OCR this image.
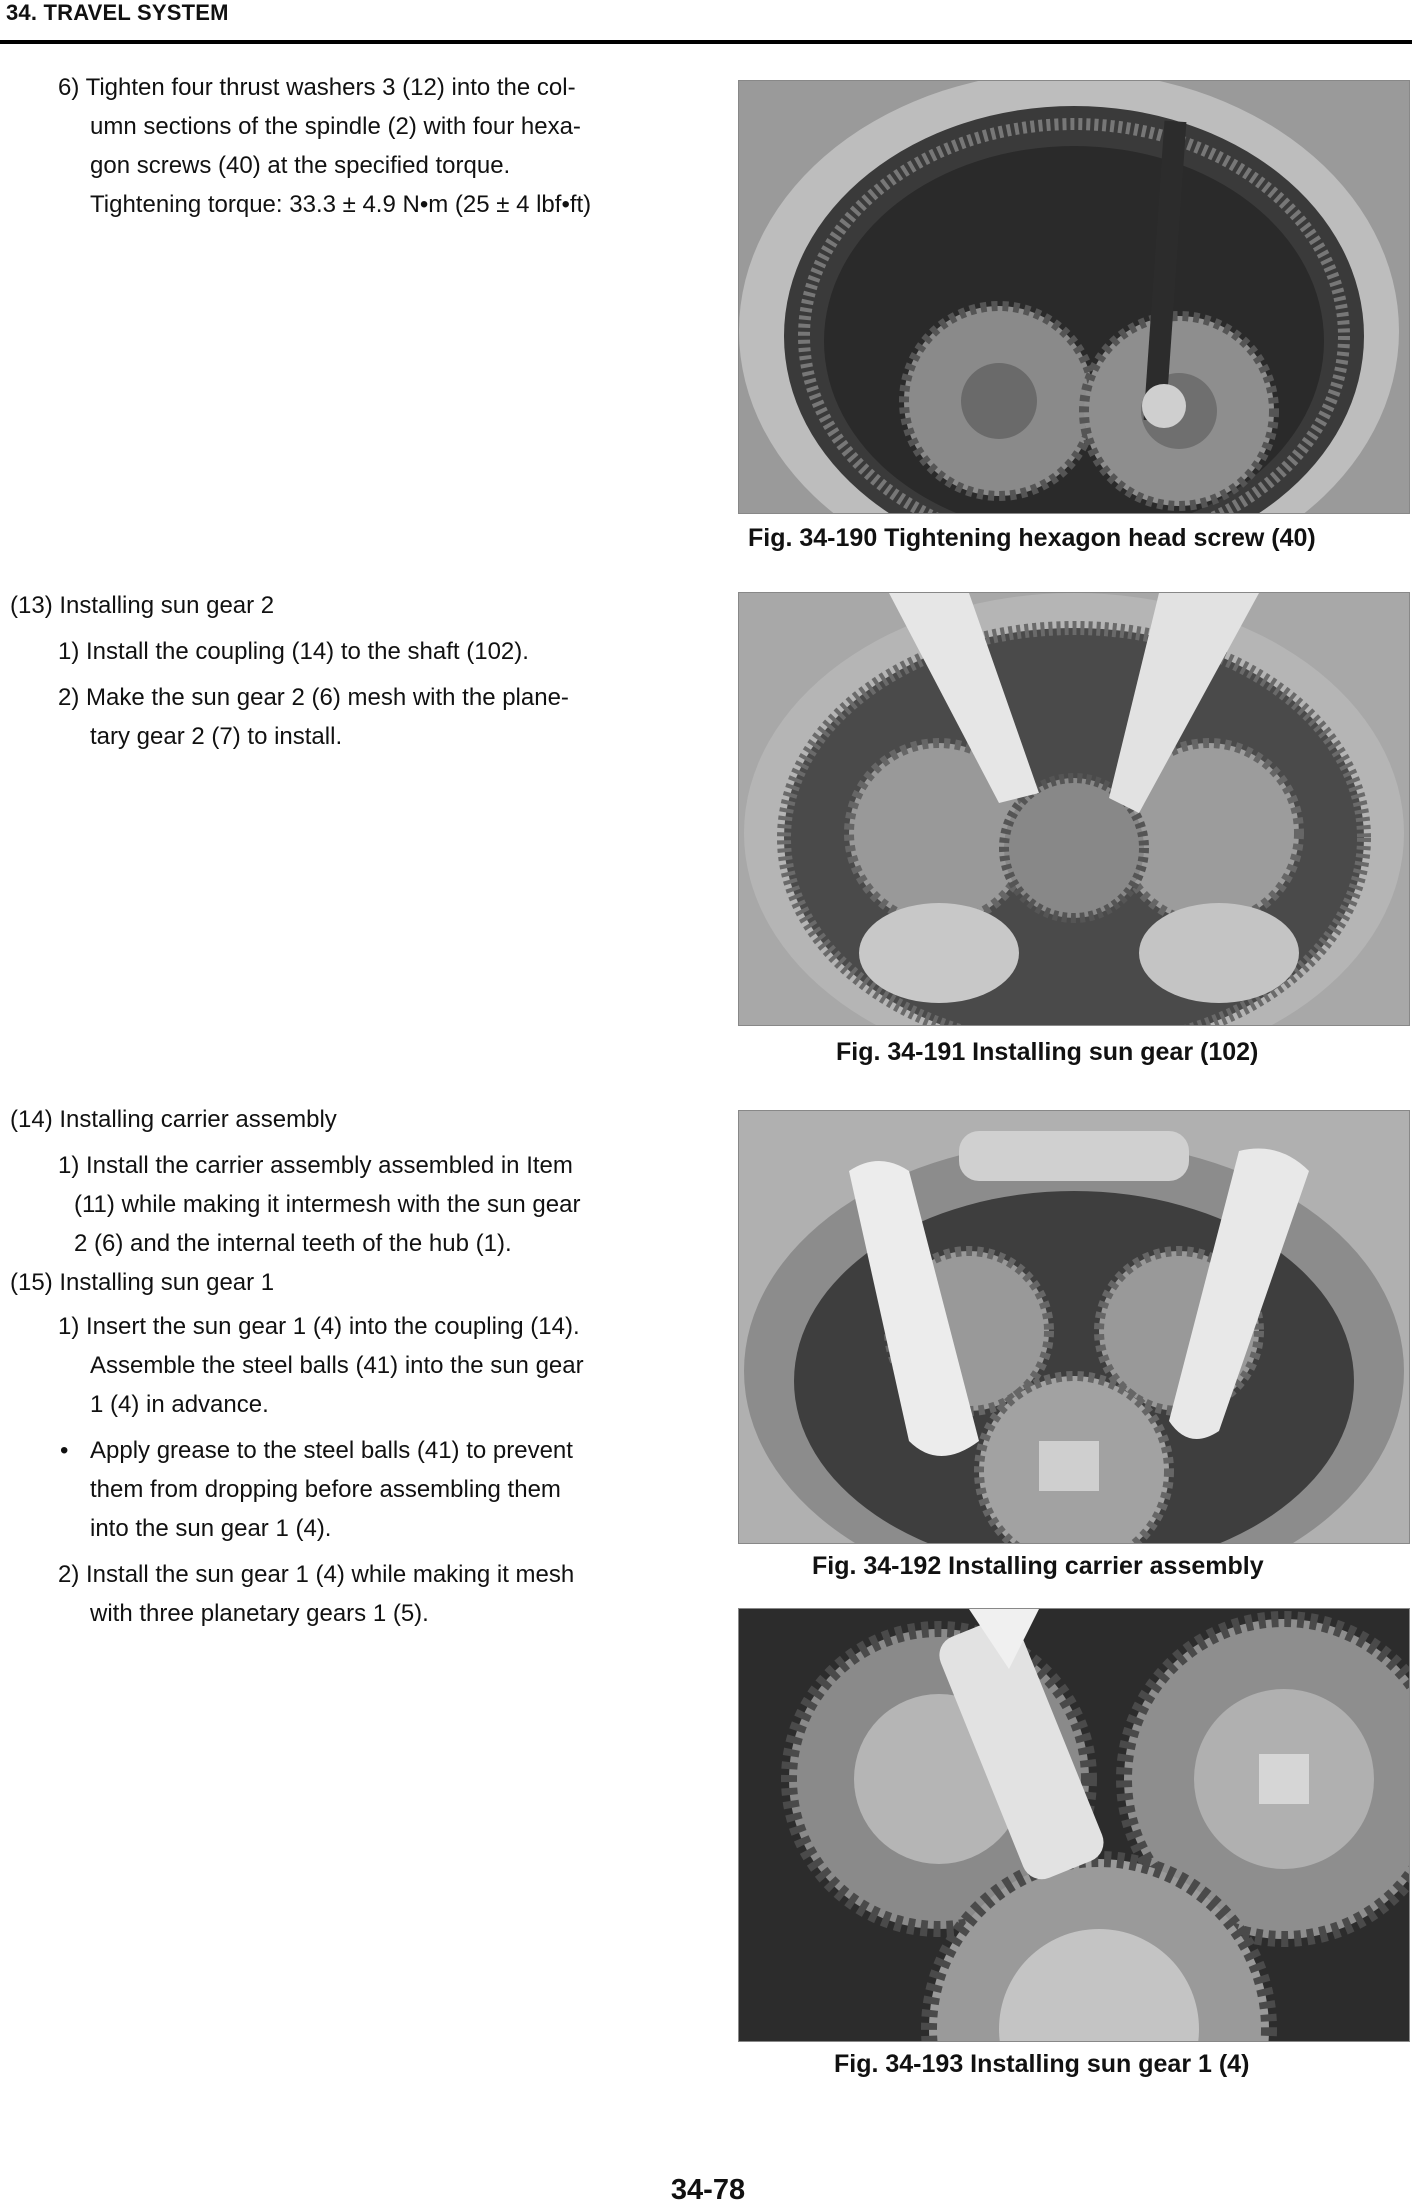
34. TRAVEL SYSTEM

6) Tighten four thrust washers 3 (12) into the col-

umn sections of the spindle (2) with four hexa-

gon screws (40) at the specified torque.

Tightening torque: 33.3 ± 4.9 N•m (25 ± 4 lbf•ft)

Fig. 34-190 Tightening hexagon head screw (40)

(13) Installing sun gear 2

1) Install the coupling (14) to the shaft (102).

2) Make the sun gear 2 (6) mesh with the plane-

tary gear 2 (7) to install.

Fig. 34-191 Installing sun gear (102)

(14) Installing carrier assembly

1) Install the carrier assembly assembled in Item

(11) while making it intermesh with the sun gear

2 (6) and the internal teeth of the hub (1).

(15) Installing sun gear 1

1) Insert the sun gear 1 (4) into the coupling (14).

Assemble the steel balls (41) into the sun gear

1 (4) in advance.

• Apply grease to the steel balls (41) to prevent

them from dropping before assembling them

into the sun gear 1 (4).

2) Install the sun gear 1 (4) while making it mesh

with three planetary gears 1 (5).

Fig. 34-192 Installing carrier assembly
Fig. 34-193 Installing sun gear 1 (4)
34-78
